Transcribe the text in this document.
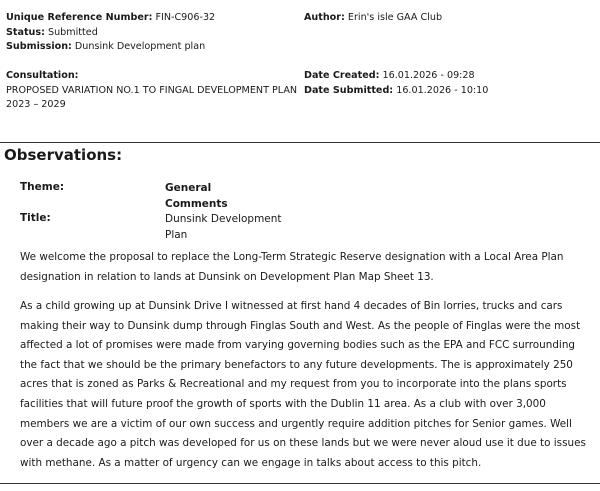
Unique Reference Number: FIN-C906-32
Status: Submitted
Submission: Dunsink Development plan
Author: Erin's isle GAA Club
Consultation:
PROPOSED VARIATION NO.1 TO FINGAL DEVELOPMENT PLAN
2023 – 2029
Date Created: 16.01.2026 - 09:28
Date Submitted: 16.01.2026 - 10:10
Observations:
Theme:	General
Comments
Title:	Dunsink Development
Plan
We welcome the proposal to replace the Long-Term Strategic Reserve designation with a Local Area Plan designation in relation to lands at Dunsink on Development Plan Map Sheet 13.
As a child growing up at Dunsink Drive I witnessed at first hand 4 decades of Bin lorries, trucks and cars making their way to Dunsink dump through Finglas South and West. As the people of Finglas were the most affected a lot of promises were made from varying governing bodies such as the EPA and FCC surrounding the fact that we should be the primary benefactors to any future developments. The is approximately 250 acres that is zoned as Parks & Recreational and my request from you to incorporate into the plans sports facilities that will future proof the growth of sports with the Dublin 11 area. As a club with over 3,000 members we are a victim of our own success and urgently require addition pitches for Senior games. Well over a decade ago a pitch was developed for us on these lands but we were never aloud use it due to issues with methane. As a matter of urgency can we engage in talks about access to this pitch.
